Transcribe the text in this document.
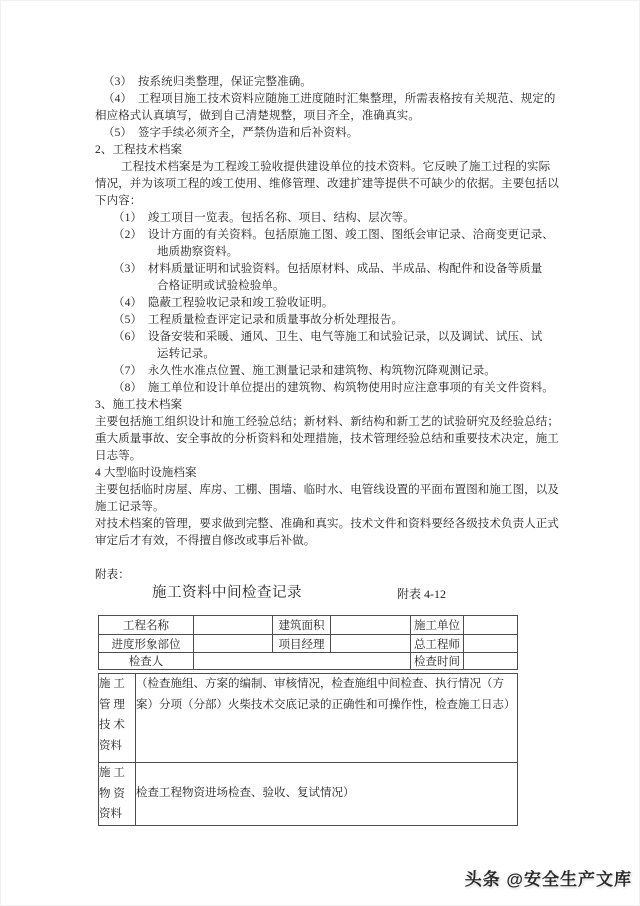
（3）　按系统归类整理，保证完整准确。
（4）　工程项目施工技术资料应随施工进度随时汇集整理，所需表格按有关规范、规定的
相应格式认真填写，做到自己清楚规整，项目齐全，准确真实。
（5）　签字手续必须齐全，严禁伪造和后补资料。
2、工程技术档案
工程技术档案是为工程竣工验收提供建设单位的技术资料。它反映了施工过程的实际
情况，并为该项工程的竣工使用、维修管理、改建扩建等提供不可缺少的依据。主要包括以
下内容：
（1）　竣工项目一览表。包括名称、项目、结构、层次等。
（2）　设计方面的有关资料。包括原施工图、竣工图、图纸会审记录、洽商变更记录、
地质勘察资料。
（3）　材料质量证明和试验资料。包括原材料、成品、半成品、构配件和设备等质量
合格证明或试验检验单。
（4）　隐蔽工程验收记录和竣工验收证明。
（5）　工程质量检查评定记录和质量事故分析处理报告。
（6）　设备安装和采暖、通风、卫生、电气等施工和试验记录，以及调试、试压、试
运转记录。
（7）　永久性水准点位置、施工测量记录和建筑物、构筑物沉降观测记录。
（8）　施工单位和设计单位提出的建筑物、构筑物使用时应注意事项的有关文件资料。
3、施工技术档案
主要包括施工组织设计和施工经验总结；新材料、新结构和新工艺的试验研究及经验总结；
重大质量事故、安全事故的分析资料和处理措施，技术管理经验总结和重要技术决定，施工
日志等。
4 大型临时设施档案
主要包括临时房屋、库房、工棚、围墙、临时水、电管线设置的平面布置图和施工图，以及
施工记录等。
对技术档案的管理，要求做到完整、准确和真实。技术文件和资料要经各级技术负责人正式
审定后才有效，不得擅自修改或事后补做。
附表：
施工资料中间检查记录	附表 4-12
工程名称		建筑面积		施工单位	
进度形象部位		项目经理		总工程师	
检查人				检查时间	
施 工
管 理
技 术
资料

（检查施组、方案的编制、审核情况，检查施组中间检查、执行情况（方
案）分项（分部）火柴技术交底记录的正确性和可操作性，检查施工日志）

施 工
物 资
资料	检查工程物资进场检查、验收、复试情况）
头条 @安全生产文库
